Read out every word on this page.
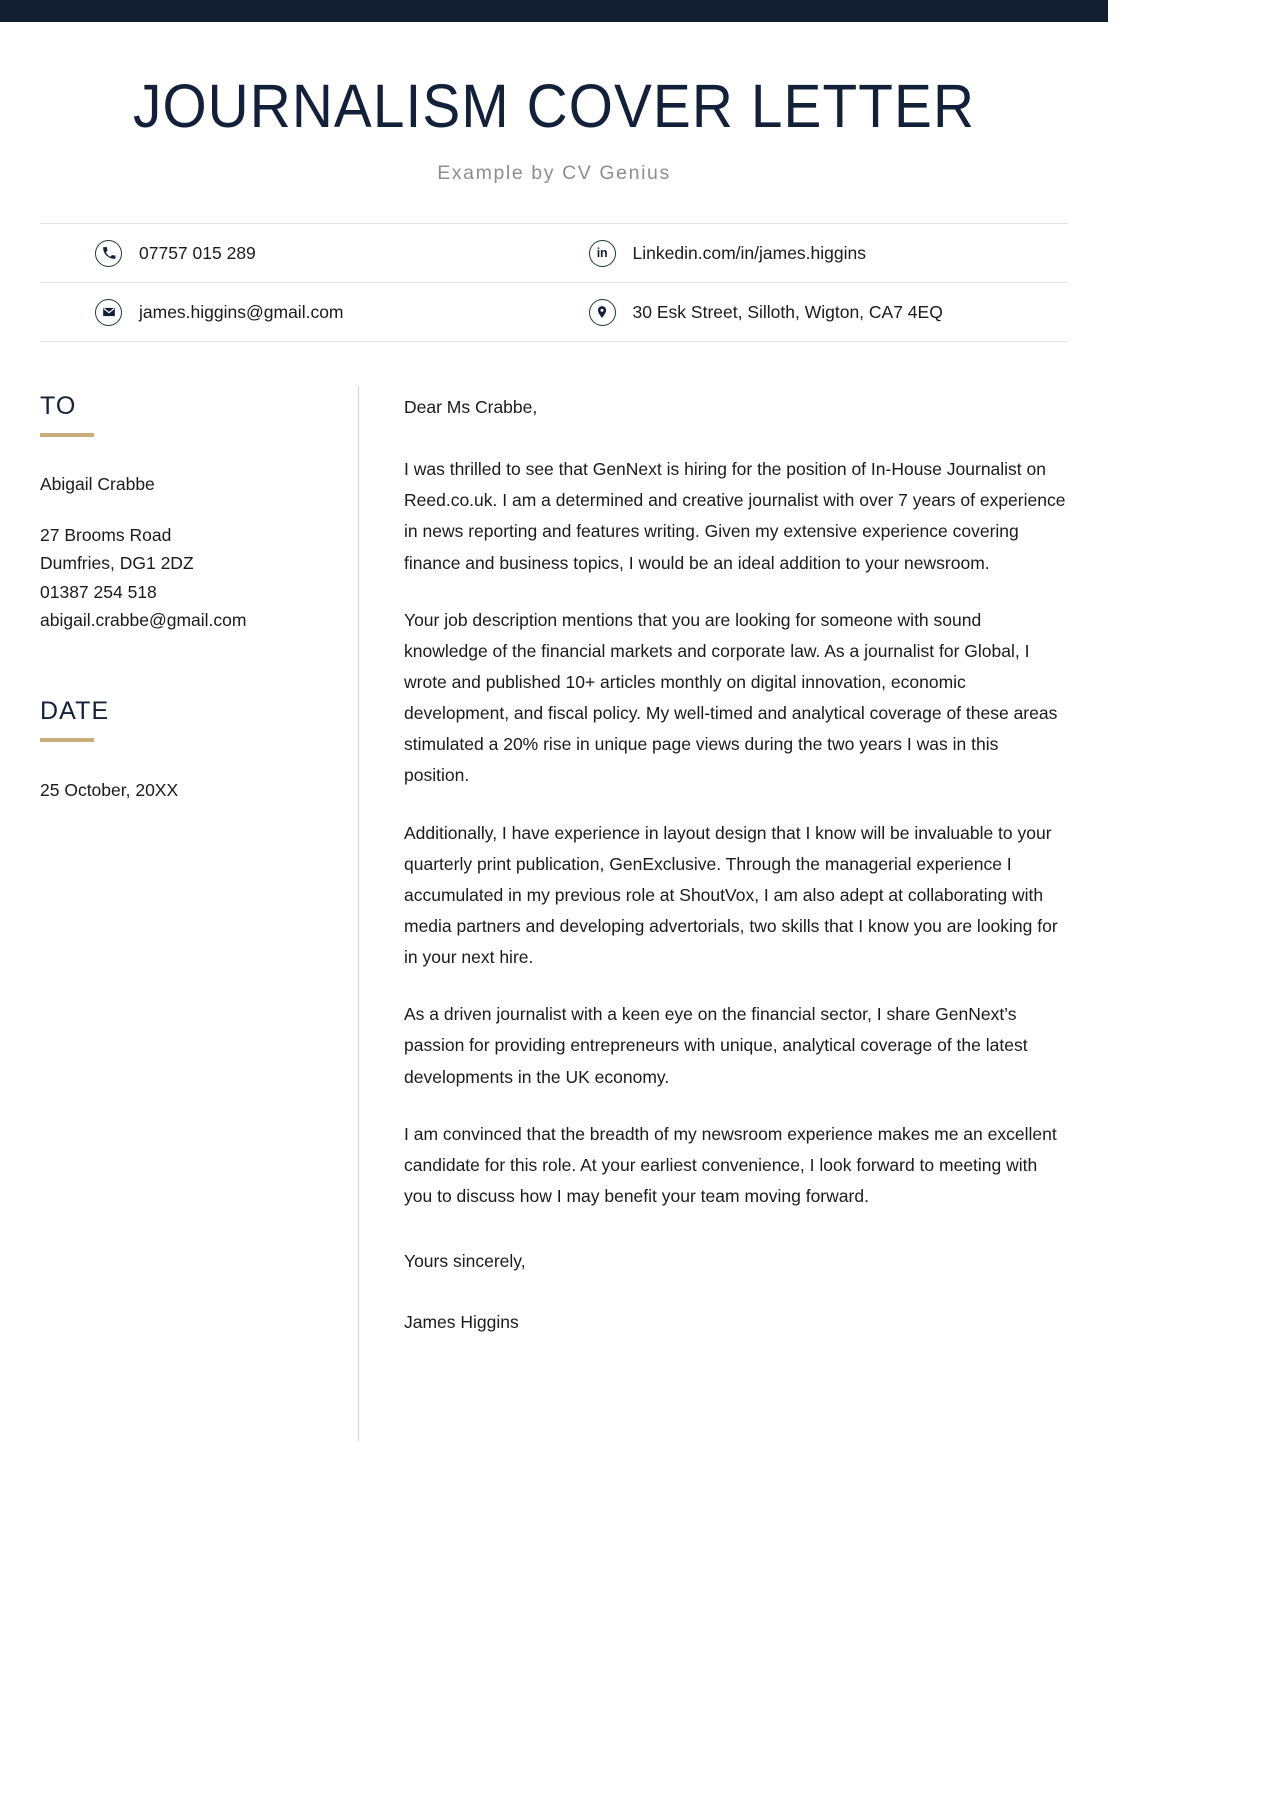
JOURNALISM COVER LETTER
Example by CV Genius
07757 015 289	in Linkedin.com/in/james.higgins
james.higgins@gmail.com	30 Esk Street, Silloth, Wigton, CA7 4EQ
TO
Abigail Crabbe
27 Brooms Road
Dumfries, DG1 2DZ
01387 254 518
abigail.crabbe@gmail.com
DATE
25 October, 20XX
Dear Ms Crabbe,

I was thrilled to see that GenNext is hiring for the position of In-House Journalist on Reed.co.uk. I am a determined and creative journalist with over 7 years of experience in news reporting and features writing. Given my extensive experience covering finance and business topics, I would be an ideal addition to your newsroom.

Your job description mentions that you are looking for someone with sound knowledge of the financial markets and corporate law. As a journalist for Global, I wrote and published 10+ articles monthly on digital innovation, economic development, and fiscal policy. My well-timed and analytical coverage of these areas stimulated a 20% rise in unique page views during the two years I was in this position.

Additionally, I have experience in layout design that I know will be invaluable to your quarterly print publication, GenExclusive. Through the managerial experience I accumulated in my previous role at ShoutVox, I am also adept at collaborating with media partners and developing advertorials, two skills that I know you are looking for in your next hire.

As a driven journalist with a keen eye on the financial sector, I share GenNext’s passion for providing entrepreneurs with unique, analytical coverage of the latest developments in the UK economy.

I am convinced that the breadth of my newsroom experience makes me an excellent candidate for this role. At your earliest convenience, I look forward to meeting with you to discuss how I may benefit your team moving forward.

Yours sincerely,
James Higgins
